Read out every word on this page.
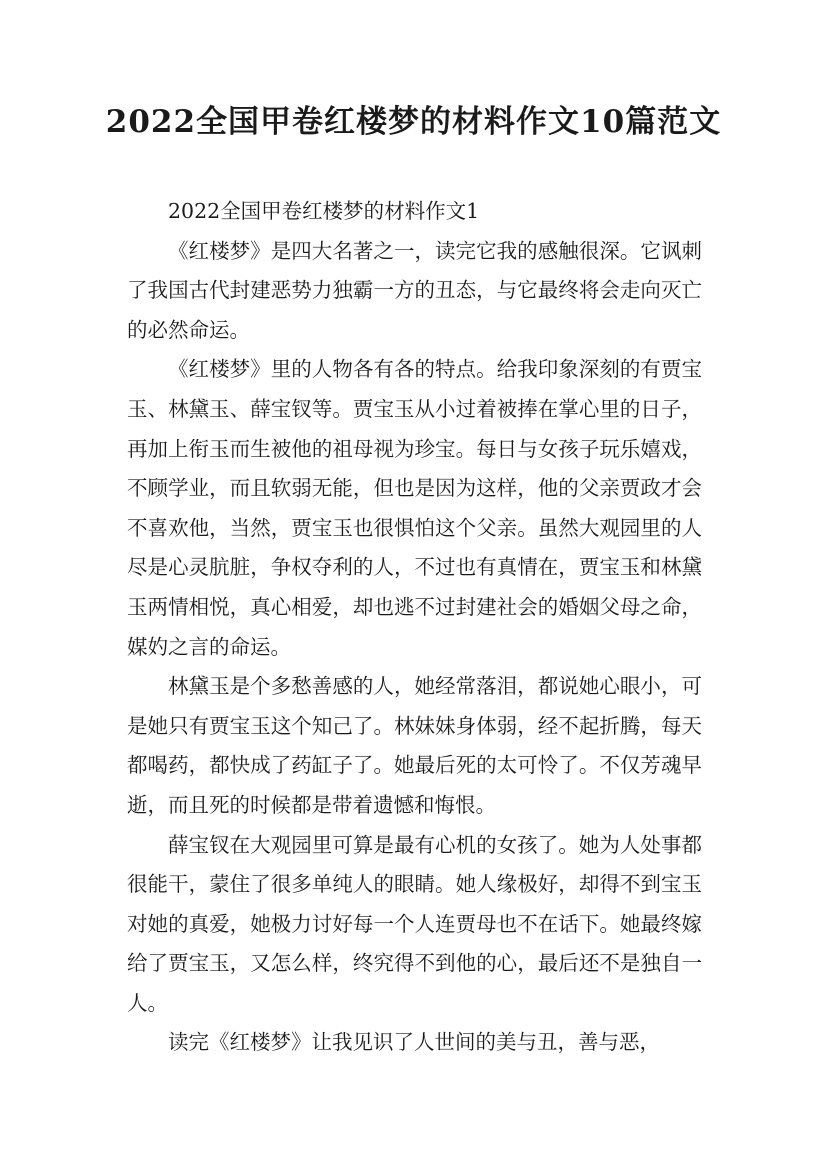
2022全国甲卷红楼梦的材料作文10篇范文

2022全国甲卷红楼梦的材料作文1

《红楼梦》是四大名著之一，读完它我的感触很深。它讽刺了我国古代封建恶势力独霸一方的丑态，与它最终将会走向灭亡的必然命运。

《红楼梦》里的人物各有各的特点。给我印象深刻的有贾宝玉、林黛玉、薛宝钗等。贾宝玉从小过着被捧在掌心里的日子，再加上衔玉而生被他的祖母视为珍宝。每日与女孩子玩乐嬉戏，不顾学业，而且软弱无能，但也是因为这样，他的父亲贾政才会不喜欢他，当然，贾宝玉也很惧怕这个父亲。虽然大观园里的人尽是心灵肮脏，争权夺利的人，不过也有真情在，贾宝玉和林黛玉两情相悦，真心相爱，却也逃不过封建社会的婚姻父母之命，媒妁之言的命运。

林黛玉是个多愁善感的人，她经常落泪，都说她心眼小，可是她只有贾宝玉这个知己了。林妹妹身体弱，经不起折腾，每天都喝药，都快成了药缸子了。她最后死的太可怜了。不仅芳魂早逝，而且死的时候都是带着遗憾和悔恨。

薛宝钗在大观园里可算是最有心机的女孩了。她为人处事都很能干，蒙住了很多单纯人的眼睛。她人缘极好，却得不到宝玉对她的真爱，她极力讨好每一个人连贾母也不在话下。她最终嫁给了贾宝玉，又怎么样，终究得不到他的心，最后还不是独自一人。

读完《红楼梦》让我见识了人世间的美与丑，善与恶，
